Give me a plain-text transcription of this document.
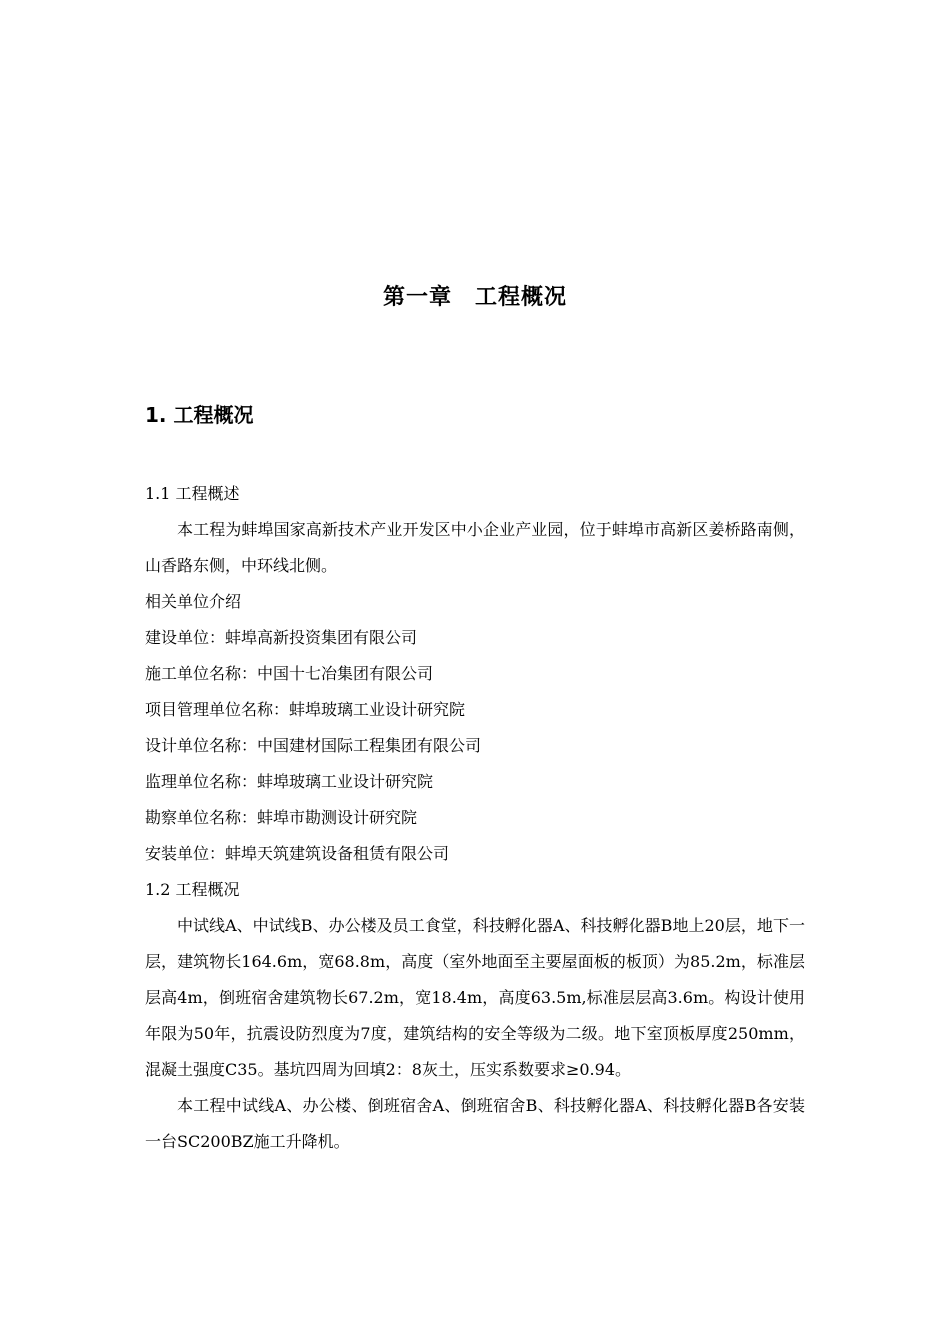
第一章　工程概况
1. 工程概况

1.1 工程概述

本工程为蚌埠国家高新技术产业开发区中小企业产业园，位于蚌埠市高新区姜桥路南侧，山香路东侧，中环线北侧。

相关单位介绍

建设单位：蚌埠高新投资集团有限公司

施工单位名称：中国十七冶集团有限公司

项目管理单位名称：蚌埠玻璃工业设计研究院

设计单位名称：中国建材国际工程集团有限公司

监理单位名称：蚌埠玻璃工业设计研究院

勘察单位名称：蚌埠市勘测设计研究院

安装单位：蚌埠天筑建筑设备租赁有限公司

1.2 工程概况

中试线A、中试线B、办公楼及员工食堂，科技孵化器A、科技孵化器B地上20层，地下一层，建筑物长164.6m，宽68.8m，高度（室外地面至主要屋面板的板顶）为85.2m，标准层层高4m，倒班宿舍建筑物长67.2m，宽18.4m，高度63.5m,标准层层高3.6m。构设计使用年限为50年，抗震设防烈度为7度，建筑结构的安全等级为二级。地下室顶板厚度250mm，混凝土强度C35。基坑四周为回填2：8灰土，压实系数要求≥0.94。

本工程中试线A、办公楼、倒班宿舍A、倒班宿舍B、科技孵化器A、科技孵化器B各安装一台SC200BZ施工升降机。
